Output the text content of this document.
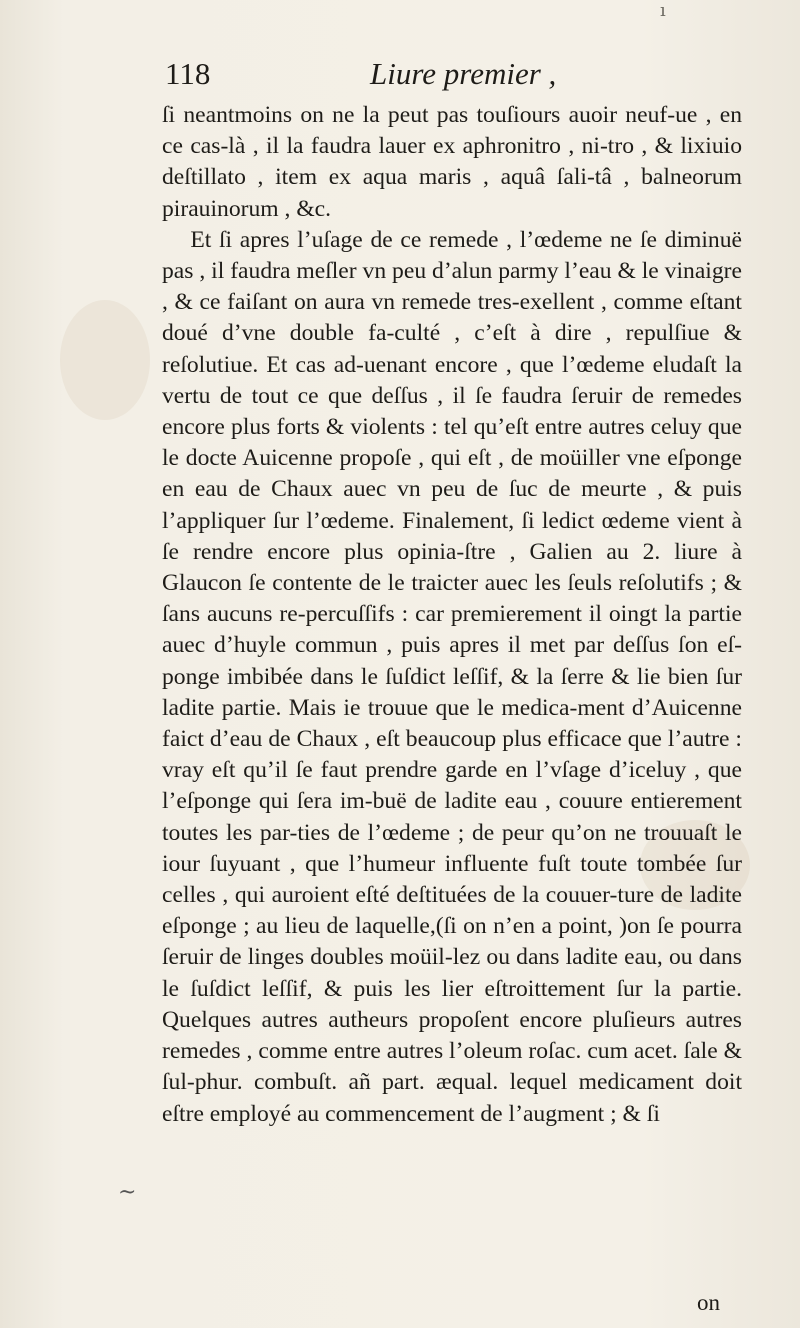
ı
118	Liure premier ,

ſi neantmoins on ne la peut pas touſiours auoir neuf-ue , en ce cas-là , il la faudra lauer ex aphronitro , ni-tro , & lixiuio deſtillato , item ex aqua maris , aquâ ſali-tâ , balneorum pirauinorum , &c.

Et ſi apres l’uſage de ce remede , l’œdeme ne ſe diminuë pas , il faudra meſler vn peu d’alun parmy l’eau & le vinaigre , & ce faiſant on aura vn remede tres-exellent , comme eſtant doué d’vne double fa-culté , c’eſt à dire , repulſiue & reſolutiue. Et cas ad-uenant encore , que l’œdeme eludaſt la vertu de tout ce que deſſus , il ſe faudra ſeruir de remedes encore plus forts & violents : tel qu’eſt entre autres celuy que le docte Auicenne propoſe , qui eſt , de moüiller vne eſponge en eau de Chaux auec vn peu de ſuc de meurte , & puis l’appliquer ſur l’œdeme. Finalement, ſi ledict œdeme vient à ſe rendre encore plus opinia-ſtre , Galien au 2. liure à Glaucon ſe contente de le traicter auec les ſeuls reſolutifs ; & ſans aucuns re-percuſſifs : car premierement il oingt la partie auec d’huyle commun , puis apres il met par deſſus ſon eſ-ponge imbibée dans le ſuſdict leſſif, & la ſerre & lie bien ſur ladite partie. Mais ie trouue que le medica-ment d’Auicenne faict d’eau de Chaux , eſt beaucoup plus efficace que l’autre : vray eſt qu’il ſe faut prendre garde en l’vſage d’iceluy , que l’eſponge qui ſera im-buë de ladite eau , couure entierement toutes les par-ties de l’œdeme ; de peur qu’on ne trouuaſt le iour ſuyuant , que l’humeur influente fuſt toute tombée ſur celles , qui auroient eſté deſtituées de la couuer-ture de ladite eſponge ; au lieu de laquelle,(ſi on n’en a point, )on ſe pourra ſeruir de linges doubles moüil-lez ou dans ladite eau, ou dans le ſuſdict leſſif, & puis les lier eſtroittement ſur la partie. Quelques autres autheurs propoſent encore pluſieurs autres remedes , comme entre autres l’oleum roſac. cum acet. ſale & ſul-phur. combuſt. añ part. æqual. lequel medicament doit eſtre employé au commencement de l’augment ; & ſi

~
on
